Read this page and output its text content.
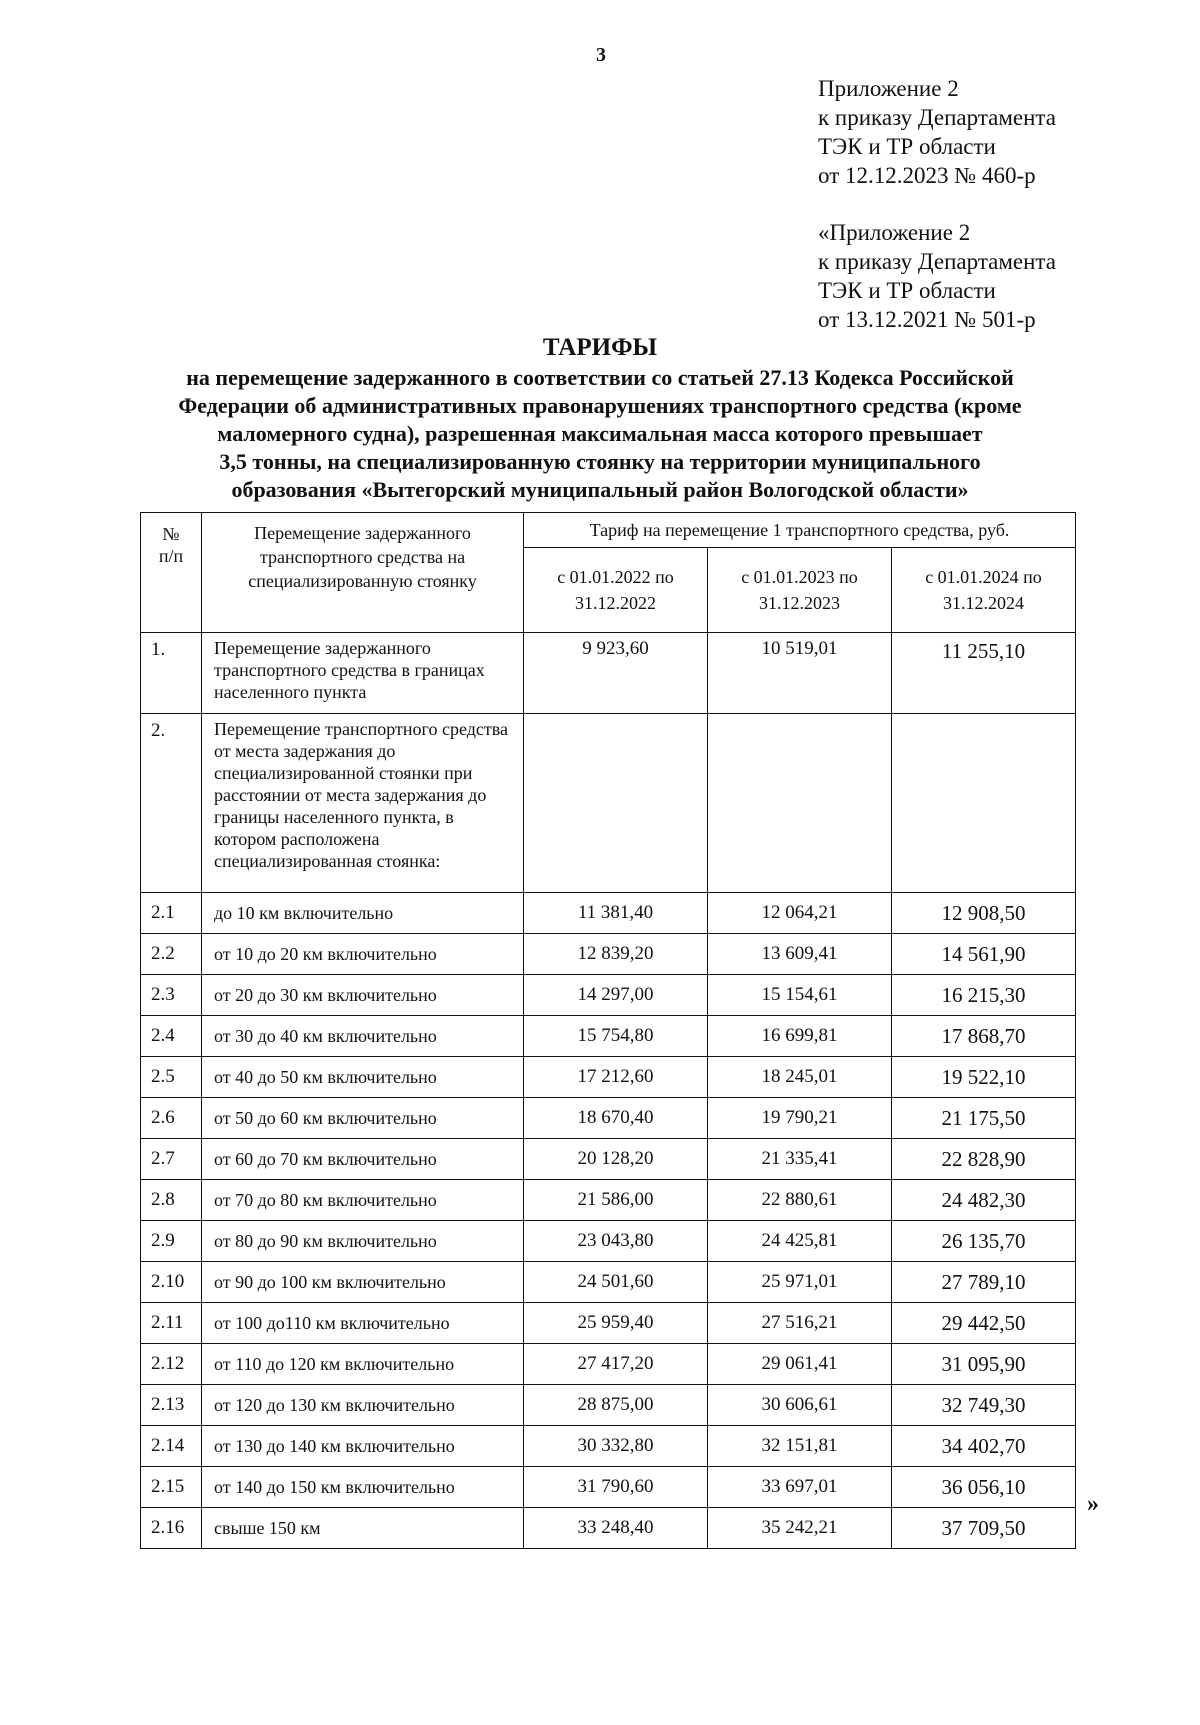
3
Приложение 2
к приказу Департамента
ТЭК и ТР области
от 12.12.2023 № 460-р
«Приложение 2
к приказу Департамента
ТЭК и ТР области
от 13.12.2021 № 501-р
ТАРИФЫ
на перемещение задержанного в соответствии со статьей 27.13 Кодекса Российской
Федерации об административных правонарушениях транспортного средства (кроме
маломерного судна), разрешенная максимальная масса которого превышает
3,5 тонны, на специализированную стоянку на территории муниципального
образования «Вытегорский муниципальный район Вологодской области»
№
п/п	Перемещение задержанного транспортного средства на специализированную стоянку	Тариф на перемещение 1 транспортного средства, руб.		
		с 01.01.2022 по 31.12.2022	с 01.01.2023 по 31.12.2023	с 01.01.2024 по 31.12.2024
1.	Перемещение задержанного транспортного средства в границах населенного пункта	9 923,60	10 519,01	11 255,10
2.	Перемещение транспортного средства от места задержания до специализированной стоянки при расстоянии от места задержания до границы населенного пункта, в котором расположена специализированная стоянка:			
2.1	до 10 км включительно	11 381,40	12 064,21	12 908,50
2.2	от 10 до 20 км включительно	12 839,20	13 609,41	14 561,90
2.3	от 20 до 30 км включительно	14 297,00	15 154,61	16 215,30
2.4	от 30 до 40 км включительно	15 754,80	16 699,81	17 868,70
2.5	от 40 до 50 км включительно	17 212,60	18 245,01	19 522,10
2.6	от 50 до 60 км включительно	18 670,40	19 790,21	21 175,50
2.7	от 60 до 70 км включительно	20 128,20	21 335,41	22 828,90
2.8	от 70 до 80 км включительно	21 586,00	22 880,61	24 482,30
2.9	от 80 до 90 км включительно	23 043,80	24 425,81	26 135,70
2.10	от 90 до 100 км включительно	24 501,60	25 971,01	27 789,10
2.11	от 100 до110 км включительно	25 959,40	27 516,21	29 442,50
2.12	от 110 до 120 км включительно	27 417,20	29 061,41	31 095,90
2.13	от 120 до 130 км включительно	28 875,00	30 606,61	32 749,30
2.14	от 130 до 140 км включительно	30 332,80	32 151,81	34 402,70
2.15	от 140 до 150 км включительно	31 790,60	33 697,01	36 056,10
2.16	свыше 150 км	33 248,40	35 242,21	37 709,50
»
